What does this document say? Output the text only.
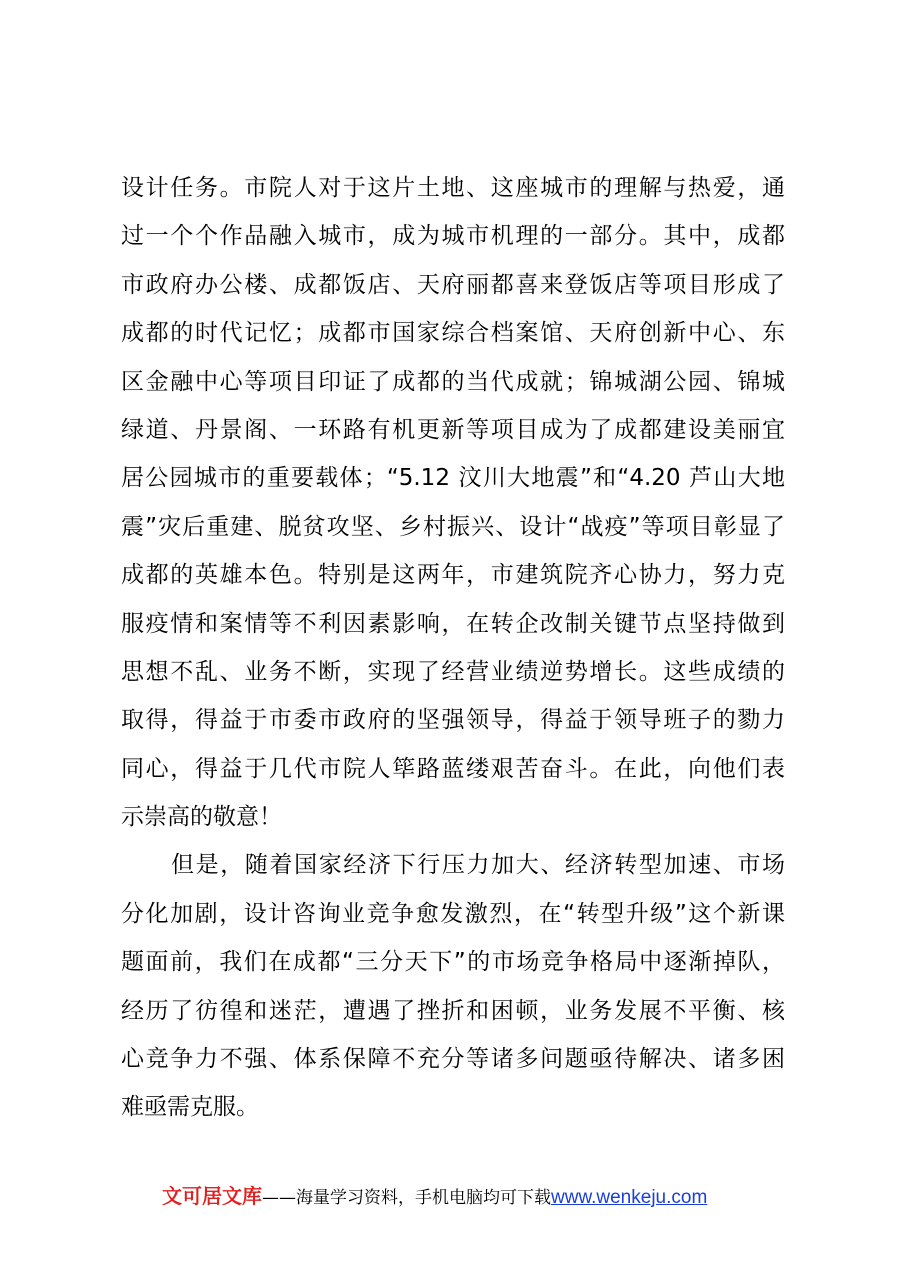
设计任务。市院人对于这片土地、这座城市的理解与热爱，通
过一个个作品融入城市，成为城市机理的一部分。其中，成都
市政府办公楼、成都饭店、天府丽都喜来登饭店等项目形成了
成都的时代记忆；成都市国家综合档案馆、天府创新中心、东
区金融中心等项目印证了成都的当代成就；锦城湖公园、锦城
绿道、丹景阁、一环路有机更新等项目成为了成都建设美丽宜
居公园城市的重要载体；“5.12 汶川大地震”和“4.20 芦山大地
震”灾后重建、脱贫攻坚、乡村振兴、设计“战疫”等项目彰显了
成都的英雄本色。特别是这两年，市建筑院齐心协力，努力克
服疫情和案情等不利因素影响，在转企改制关键节点坚持做到
思想不乱、业务不断，实现了经营业绩逆势增长。这些成绩的
取得，得益于市委市政府的坚强领导，得益于领导班子的勠力
同心，得益于几代市院人筚路蓝缕艰苦奋斗。在此，向他们表
示崇高的敬意！
但是，随着国家经济下行压力加大、经济转型加速、市场
分化加剧，设计咨询业竞争愈发激烈，在“转型升级”这个新课
题面前，我们在成都“三分天下”的市场竞争格局中逐渐掉队，
经历了彷徨和迷茫，遭遇了挫折和困顿，业务发展不平衡、核
心竞争力不强、体系保障不充分等诸多问题亟待解决、诸多困
难亟需克服。
文可居文库——海量学习资料，手机电脑均可下载www.wenkeju.com
